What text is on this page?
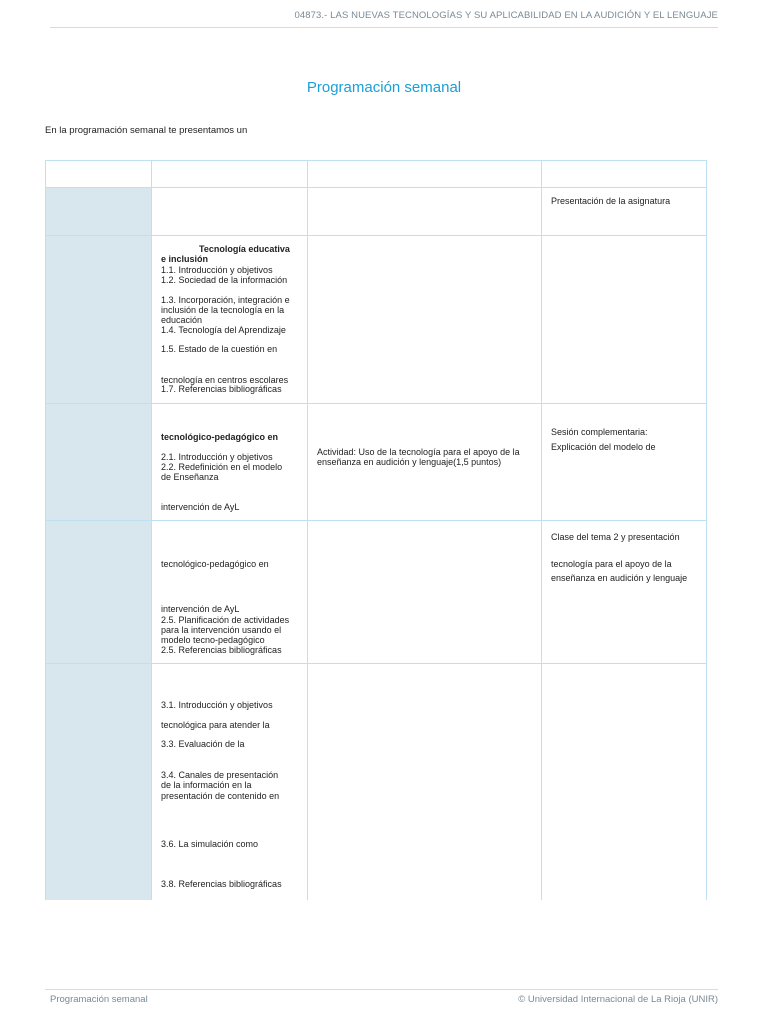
04873.- LAS NUEVAS TECNOLOGÍAS Y SU APLICABILIDAD EN LA AUDICIÓN Y EL LENGUAJE
Programación semanal
En la programación semanal te presentamos un
Presentación de la asignatura
Tecnología educativa
e inclusión
1.1. Introducción y objetivos
1.2. Sociedad de la información
1.3. Incorporación, integración e
inclusión de la tecnología en la
educación
1.4. Tecnología del Aprendizaje
1.5. Estado de la cuestión en
tecnología en centros escolares
1.7. Referencias bibliográficas
tecnológico-pedagógico en
2.1. Introducción y objetivos
2.2. Redefinición en el modelo
de Enseñanza
intervención de AyL
Actividad: Uso de la tecnología para el apoyo de la
enseñanza en audición y lenguaje(1,5 puntos)
Sesión complementaria:
Explicación del modelo de
tecnológico-pedagógico en
intervención de AyL
2.5. Planificación de actividades
para la intervención usando el
modelo tecno-pedagógico
2.5. Referencias bibliográficas
Clase del tema 2 y presentación
tecnología para el apoyo de la
enseñanza en audición y lenguaje
3.1. Introducción y objetivos
tecnológica para atender la
3.3. Evaluación de la
3.4. Canales de presentación
de la información en la
presentación de contenido en
3.6. La simulación como
3.8. Referencias bibliográficas
Programación semanal	© Universidad Internacional de La Rioja (UNIR)
